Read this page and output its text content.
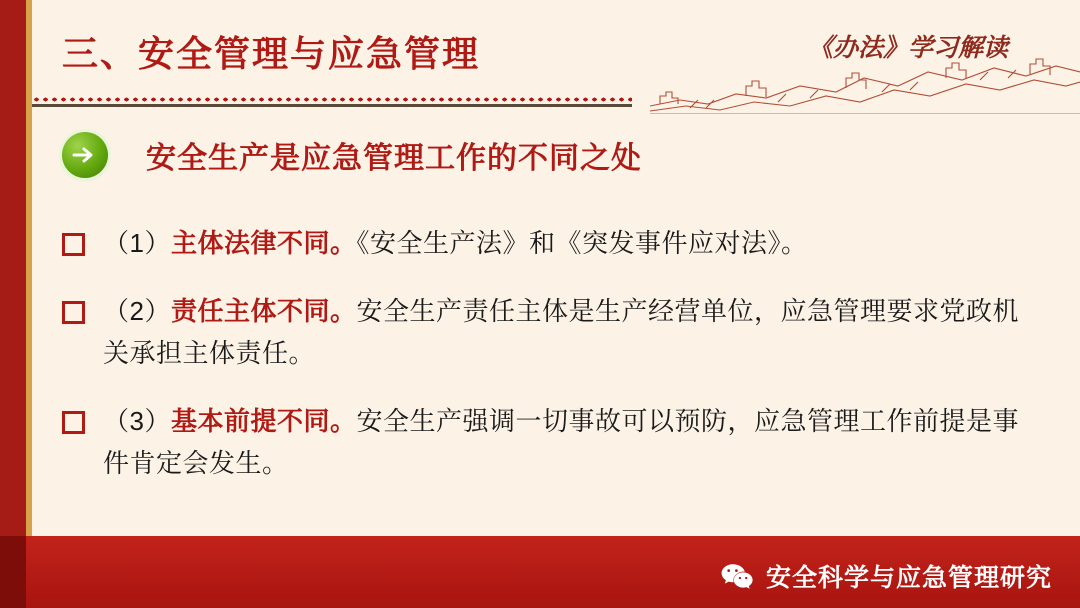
三、安全管理与应急管理	《办法》学习解读
安全生产是应急管理工作的不同之处
（1）主体法律不同。《安全生产法》和《突发事件应对法》。
（2）责任主体不同。安全生产责任主体是生产经营单位，应急管理要求党政机关承担主体责任。
（3）基本前提不同。安全生产强调一切事故可以预防，应急管理工作前提是事件肯定会发生。
安全科学与应急管理研究
